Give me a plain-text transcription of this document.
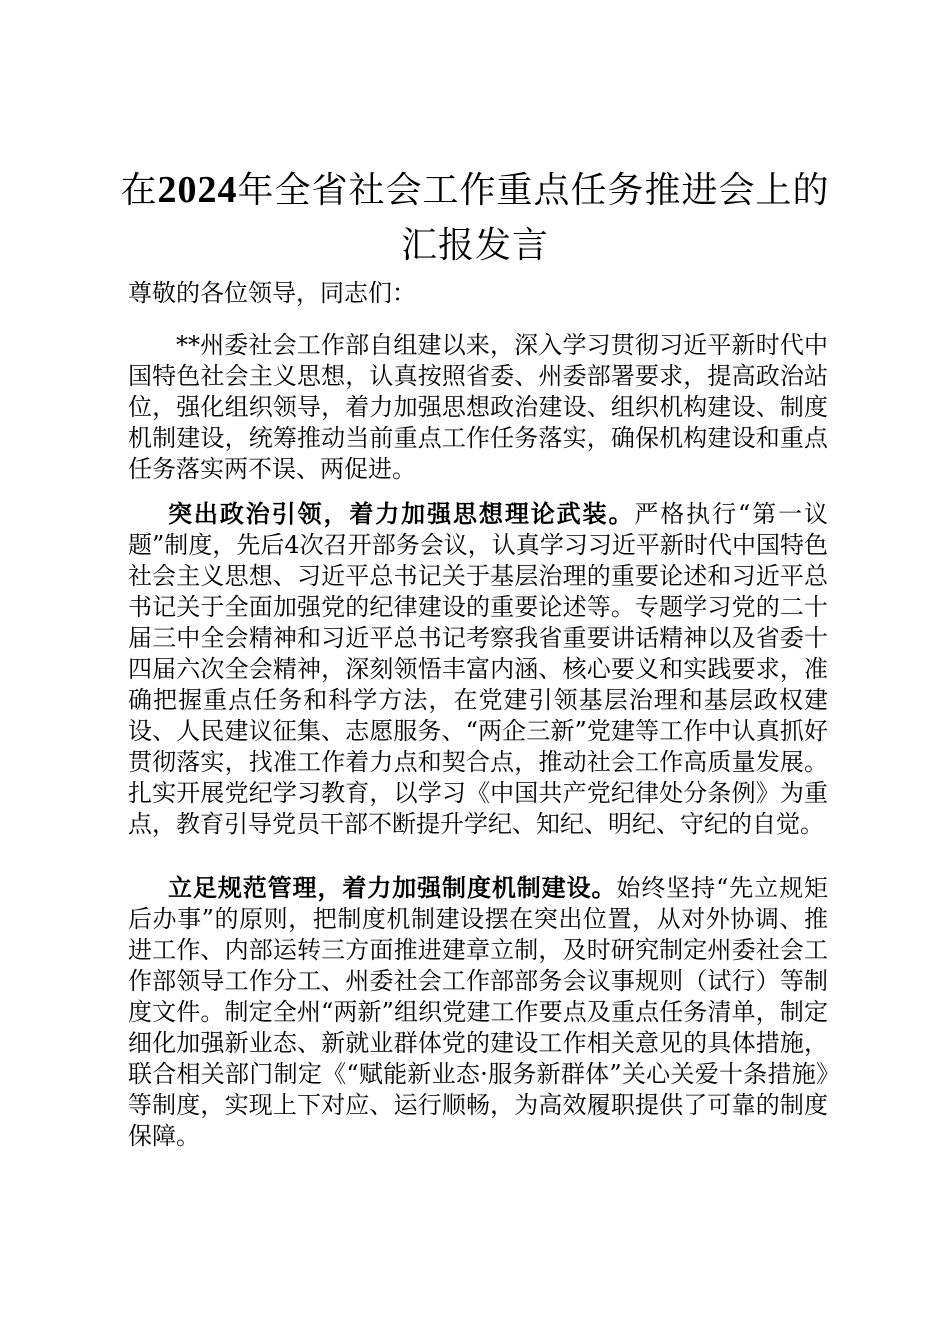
在2024年全省社会工作重点任务推进会上的
汇报发言
尊敬的各位领导，同志们：
**州委社会工作部自组建以来，深入学习贯彻习近平新时代中国特色社会主义思想，认真按照省委、州委部署要求，提高政治站位，强化组织领导，着力加强思想政治建设、组织机构建设、制度机制建设，统筹推动当前重点工作任务落实，确保机构建设和重点任务落实两不误、两促进。
突出政治引领，着力加强思想理论武装。严格执行“第一议题”制度，先后4次召开部务会议，认真学习习近平新时代中国特色社会主义思想、习近平总书记关于基层治理的重要论述和习近平总书记关于全面加强党的纪律建设的重要论述等。专题学习党的二十届三中全会精神和习近平总书记考察我省重要讲话精神以及省委十四届六次全会精神，深刻领悟丰富内涵、核心要义和实践要求，准确把握重点任务和科学方法，在党建引领基层治理和基层政权建设、人民建议征集、志愿服务、“两企三新”党建等工作中认真抓好贯彻落实，找准工作着力点和契合点，推动社会工作高质量发展。扎实开展党纪学习教育，以学习《中国共产党纪律处分条例》为重点，教育引导党员干部不断提升学纪、知纪、明纪、守纪的自觉。
立足规范管理，着力加强制度机制建设。始终坚持“先立规矩后办事”的原则，把制度机制建设摆在突出位置，从对外协调、推进工作、内部运转三方面推进建章立制，及时研究制定州委社会工作部领导工作分工、州委社会工作部部务会议事规则（试行）等制度文件。制定全州“两新”组织党建工作要点及重点任务清单，制定细化加强新业态、新就业群体党的建设工作相关意见的具体措施，联合相关部门制定《“赋能新业态·服务新群体”关心关爱十条措施》等制度，实现上下对应、运行顺畅，为高效履职提供了可靠的制度保障。
